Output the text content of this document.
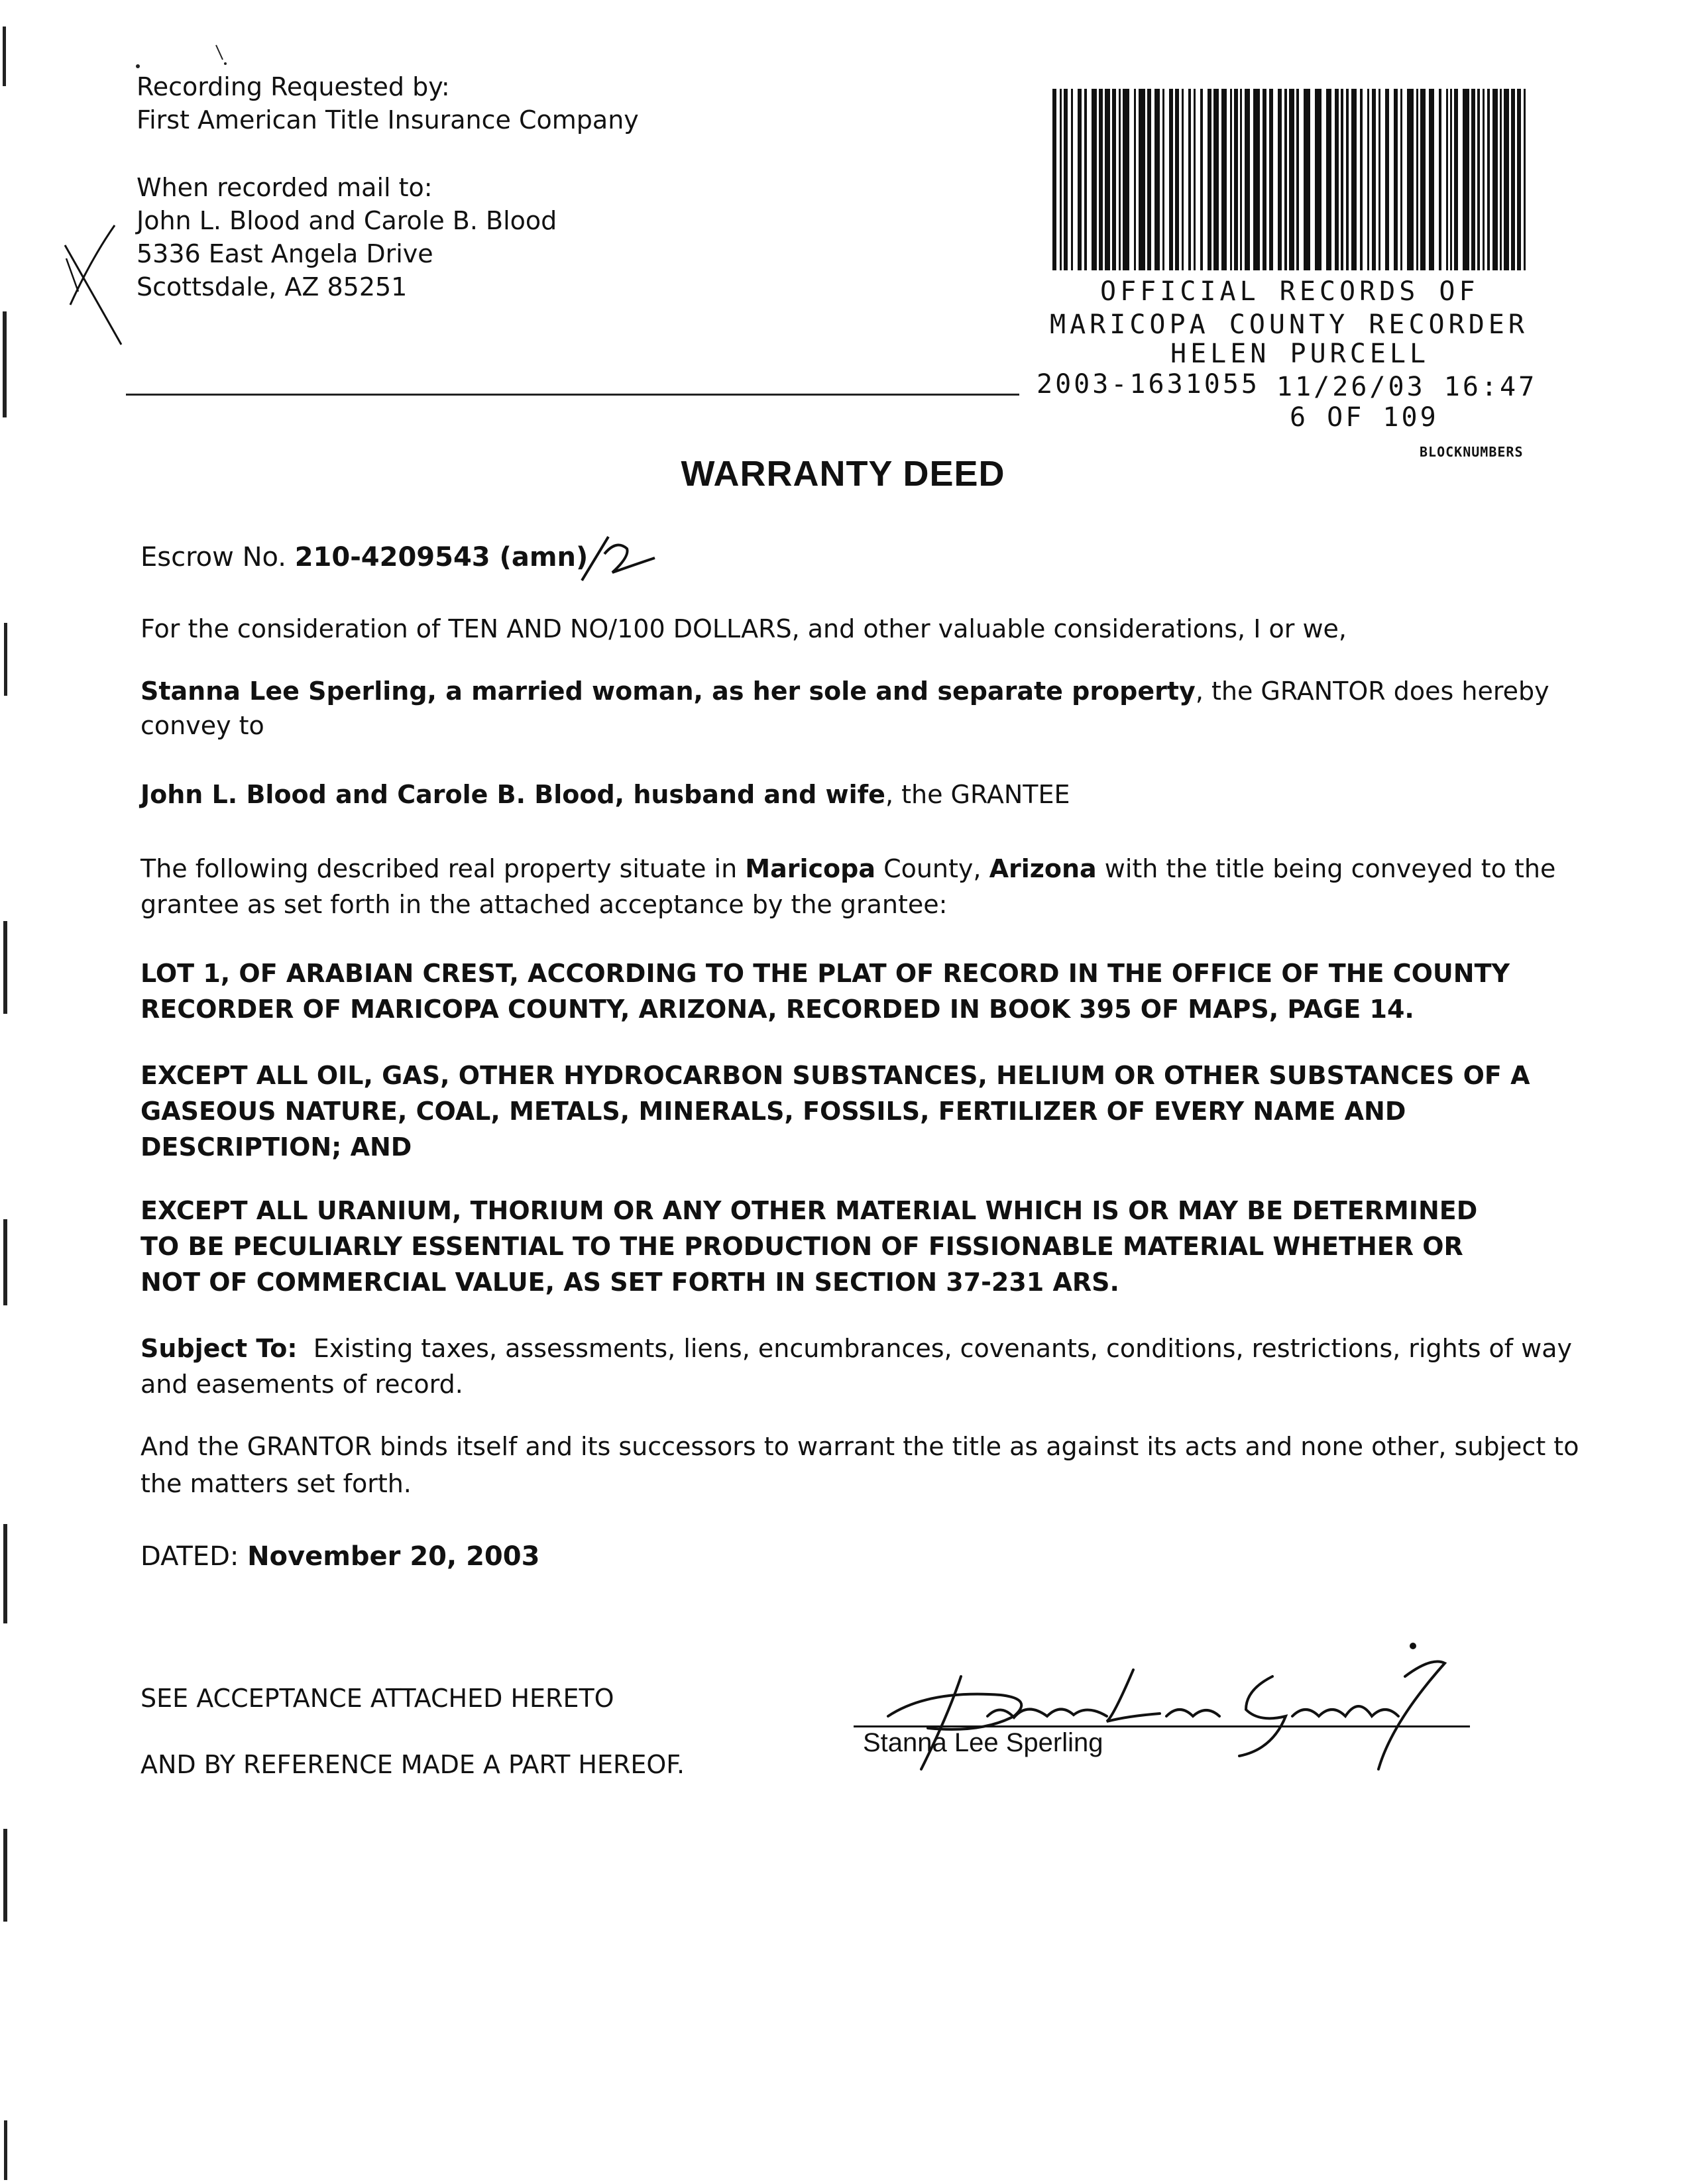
Recording Requested by:
First American Title Insurance Company
When recorded mail to:
John L. Blood and Carole B. Blood
5336 East Angela Drive
Scottsdale, AZ 85251	OFFICIAL RECORDS OF
MARICOPA COUNTY RECORDER
HELEN PURCELL
2003-1631055 11/26/03 16:47
6 OF 109
BLOCKNUMBERS
WARRANTY DEED
Escrow No. 210-4209543 (amn)
For the consideration of TEN AND NO/100 DOLLARS, and other valuable considerations, I or we,
Stanna Lee Sperling, a married woman, as her sole and separate property, the GRANTOR does hereby
convey to
John L. Blood and Carole B. Blood, husband and wife, the GRANTEE
The following described real property situate in Maricopa County, Arizona with the title being conveyed to the
grantee as set forth in the attached acceptance by the grantee:
LOT 1, OF ARABIAN CREST, ACCORDING TO THE PLAT OF RECORD IN THE OFFICE OF THE COUNTY
RECORDER OF MARICOPA COUNTY, ARIZONA, RECORDED IN BOOK 395 OF MAPS, PAGE 14.
EXCEPT ALL OIL, GAS, OTHER HYDROCARBON SUBSTANCES, HELIUM OR OTHER SUBSTANCES OF A
GASEOUS NATURE, COAL, METALS, MINERALS, FOSSILS, FERTILIZER OF EVERY NAME AND
DESCRIPTION; AND
EXCEPT ALL URANIUM, THORIUM OR ANY OTHER MATERIAL WHICH IS OR MAY BE DETERMINED
TO BE PECULIARLY ESSENTIAL TO THE PRODUCTION OF FISSIONABLE MATERIAL WHETHER OR
NOT OF COMMERCIAL VALUE, AS SET FORTH IN SECTION 37-231 ARS.
Subject To:  Existing taxes, assessments, liens, encumbrances, covenants, conditions, restrictions, rights of way
and easements of record.
And the GRANTOR binds itself and its successors to warrant the title as against its acts and none other, subject to
the matters set forth.
DATED: November 20, 2003
SEE ACCEPTANCE ATTACHED HERETO
AND BY REFERENCE MADE A PART HEREOF.
Stanna Lee Sperling
